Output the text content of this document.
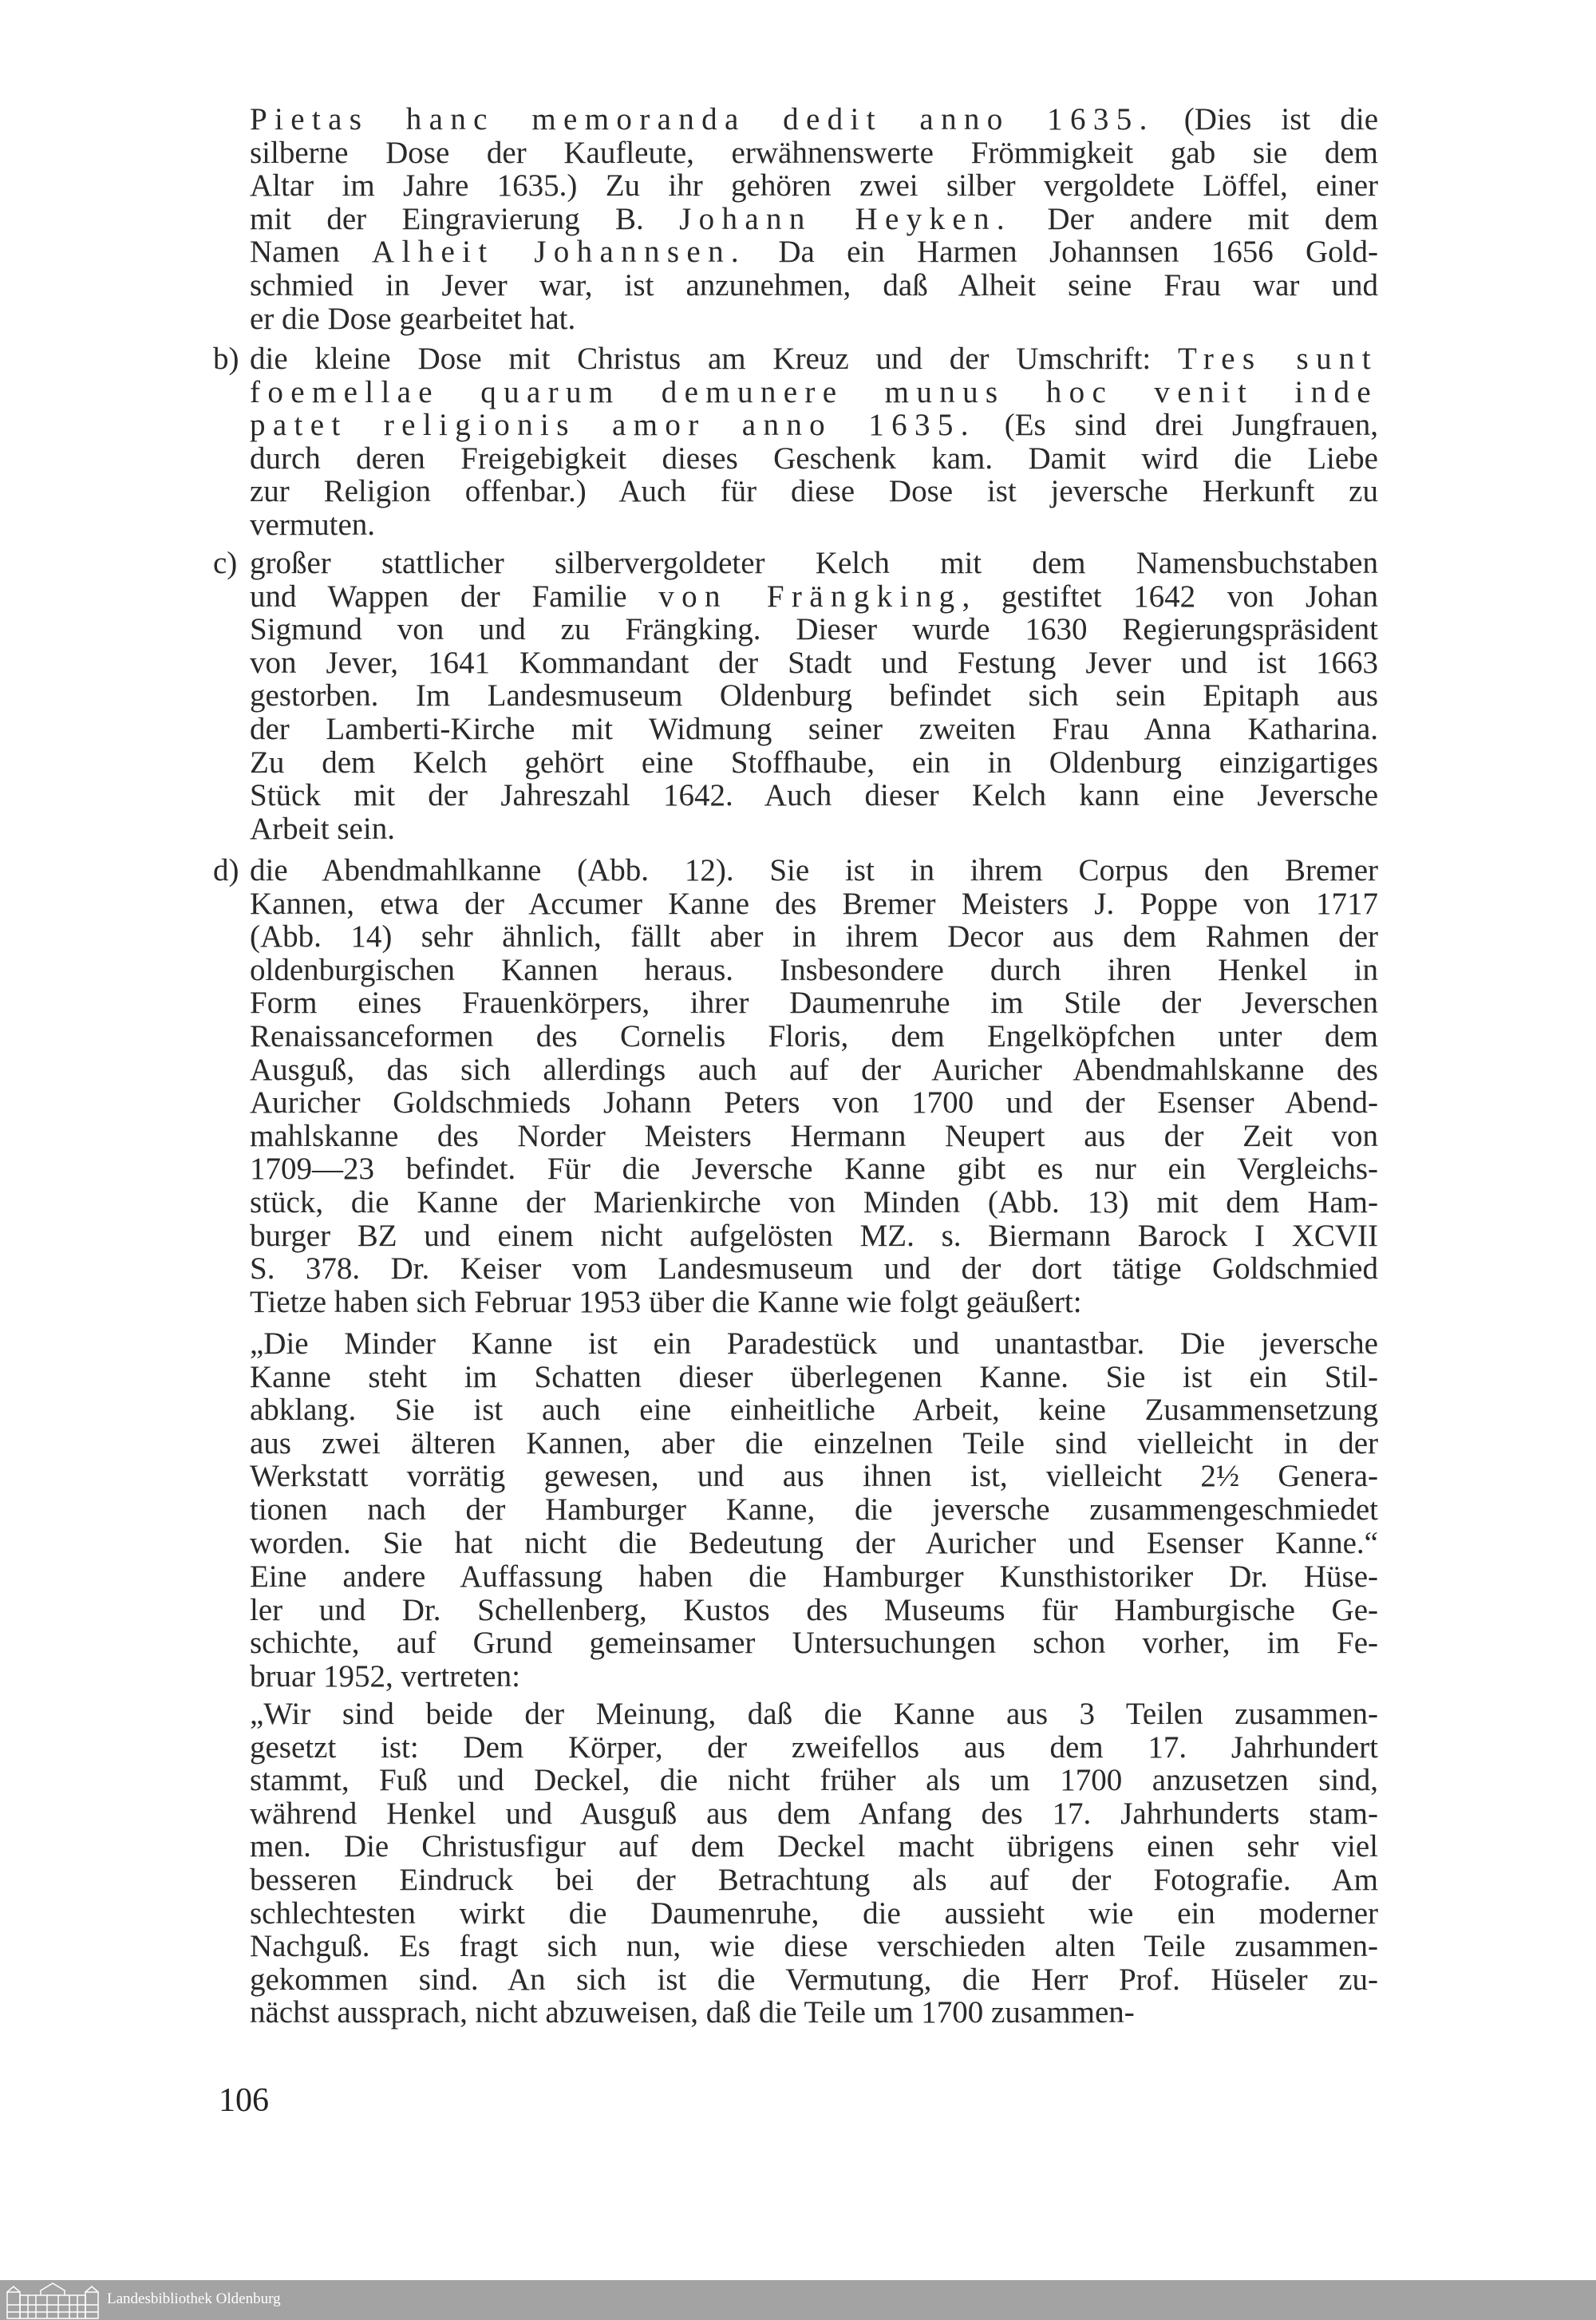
Pietas hanc memoranda dedit anno 1635. (Dies ist die
silberne Dose der Kaufleute, erwähnenswerte Frömmigkeit gab sie dem
Altar im Jahre 1635.) Zu ihr gehören zwei silber vergoldete Löffel, einer
mit der Eingravierung B. Johann Heyken. Der andere mit dem
Namen Alheit Johannsen. Da ein Harmen Johannsen 1656 Gold-
schmied in Jever war, ist anzunehmen, daß Alheit seine Frau war und
er die Dose gearbeitet hat.
b) die kleine Dose mit Christus am Kreuz und der Umschrift: Tres sunt
foemellae quarum demunere munus hoc venit inde
patet religionis amor anno 1635. (Es sind drei Jungfrauen,
durch deren Freigebigkeit dieses Geschenk kam. Damit wird die Liebe
zur Religion offenbar.) Auch für diese Dose ist jeversche Herkunft zu
vermuten.
c) großer stattlicher silbervergoldeter Kelch mit dem Namensbuchstaben
und Wappen der Familie von Frängking, gestiftet 1642 von Johan
Sigmund von und zu Frängking. Dieser wurde 1630 Regierungspräsident
von Jever, 1641 Kommandant der Stadt und Festung Jever und ist 1663
gestorben. Im Landesmuseum Oldenburg befindet sich sein Epitaph aus
der Lamberti-Kirche mit Widmung seiner zweiten Frau Anna Katharina.
Zu dem Kelch gehört eine Stoffhaube, ein in Oldenburg einzigartiges
Stück mit der Jahreszahl 1642. Auch dieser Kelch kann eine Jeversche
Arbeit sein.
d) die Abendmahlkanne (Abb. 12). Sie ist in ihrem Corpus den Bremer
Kannen, etwa der Accumer Kanne des Bremer Meisters J. Poppe von 1717
(Abb. 14) sehr ähnlich, fällt aber in ihrem Decor aus dem Rahmen der
oldenburgischen Kannen heraus. Insbesondere durch ihren Henkel in
Form eines Frauenkörpers, ihrer Daumenruhe im Stile der Jeverschen
Renaissanceformen des Cornelis Floris, dem Engelköpfchen unter dem
Ausguß, das sich allerdings auch auf der Auricher Abendmahlskanne des
Auricher Goldschmieds Johann Peters von 1700 und der Esenser Abend-
mahlskanne des Norder Meisters Hermann Neupert aus der Zeit von
1709—23 befindet. Für die Jeversche Kanne gibt es nur ein Vergleichs-
stück, die Kanne der Marienkirche von Minden (Abb. 13) mit dem Ham-
burger BZ und einem nicht aufgelösten MZ. s. Biermann Barock I XCVII
S. 378. Dr. Keiser vom Landesmuseum und der dort tätige Goldschmied
Tietze haben sich Februar 1953 über die Kanne wie folgt geäußert:
„Die Minder Kanne ist ein Paradestück und unantastbar. Die jeversche
Kanne steht im Schatten dieser überlegenen Kanne. Sie ist ein Stil-
abklang. Sie ist auch eine einheitliche Arbeit, keine Zusammensetzung
aus zwei älteren Kannen, aber die einzelnen Teile sind vielleicht in der
Werkstatt vorrätig gewesen, und aus ihnen ist, vielleicht 2½ Genera-
tionen nach der Hamburger Kanne, die jeversche zusammengeschmiedet
worden. Sie hat nicht die Bedeutung der Auricher und Esenser Kanne.“
Eine andere Auffassung haben die Hamburger Kunsthistoriker Dr. Hüse-
ler und Dr. Schellenberg, Kustos des Museums für Hamburgische Ge-
schichte, auf Grund gemeinsamer Untersuchungen schon vorher, im Fe-
bruar 1952, vertreten:
„Wir sind beide der Meinung, daß die Kanne aus 3 Teilen zusammen-
gesetzt ist: Dem Körper, der zweifellos aus dem 17. Jahrhundert
stammt, Fuß und Deckel, die nicht früher als um 1700 anzusetzen sind,
während Henkel und Ausguß aus dem Anfang des 17. Jahrhunderts stam-
men. Die Christusfigur auf dem Deckel macht übrigens einen sehr viel
besseren Eindruck bei der Betrachtung als auf der Fotografie. Am
schlechtesten wirkt die Daumenruhe, die aussieht wie ein moderner
Nachguß. Es fragt sich nun, wie diese verschieden alten Teile zusammen-
gekommen sind. An sich ist die Vermutung, die Herr Prof. Hüseler zu-
nächst aussprach, nicht abzuweisen, daß die Teile um 1700 zusammen-
106
Landesbibliothek Oldenburg
